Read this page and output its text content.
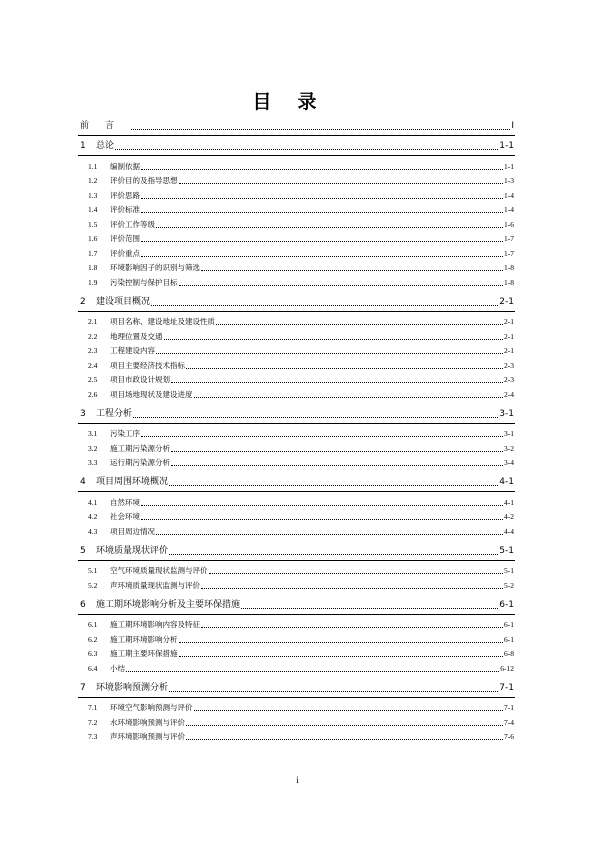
目录
前言	I
1	总论	1-1
1.1	编制依据	1-1
1.2	评价目的及指导思想	1-3
1.3	评价思路	1-4
1.4	评价标准	1-4
1.5	评价工作等级	1-6
1.6	评价范围	1-7
1.7	评价重点	1-7
1.8	环境影响因子的识别与筛选	1-8
1.9	污染控制与保护目标	1-8
2	建设项目概况	2-1
2.1	项目名称、建设地址及建设性质	2-1
2.2	地理位置及交通	2-1
2.3	工程建设内容	2-1
2.4	项目主要经济技术指标	2-3
2.5	项目市政设计规划	2-3
2.6	项目场地现状及建设进度	2-4
3	工程分析	3-1
3.1	污染工序	3-1
3.2	施工期污染源分析	3-2
3.3	运行期污染源分析	3-4
4	项目周围环境概况	4-1
4.1	自然环境	4-1
4.2	社会环境	4-2
4.3	项目周边情况	4-4
5	环境质量现状评价	5-1
5.1	空气环境质量现状监测与评价	5-1
5.2	声环境质量现状监测与评价	5-2
6	施工期环境影响分析及主要环保措施	6-1
6.1	施工期环境影响内容及特征	6-1
6.2	施工期环境影响分析	6-1
6.3	施工期主要环保措施	6-8
6.4	小结	6-12
7	环境影响预测分析	7-1
7.1	环境空气影响预测与评价	7-1
7.2	水环境影响预测与评价	7-4
7.3	声环境影响预测与评价	7-6
i
